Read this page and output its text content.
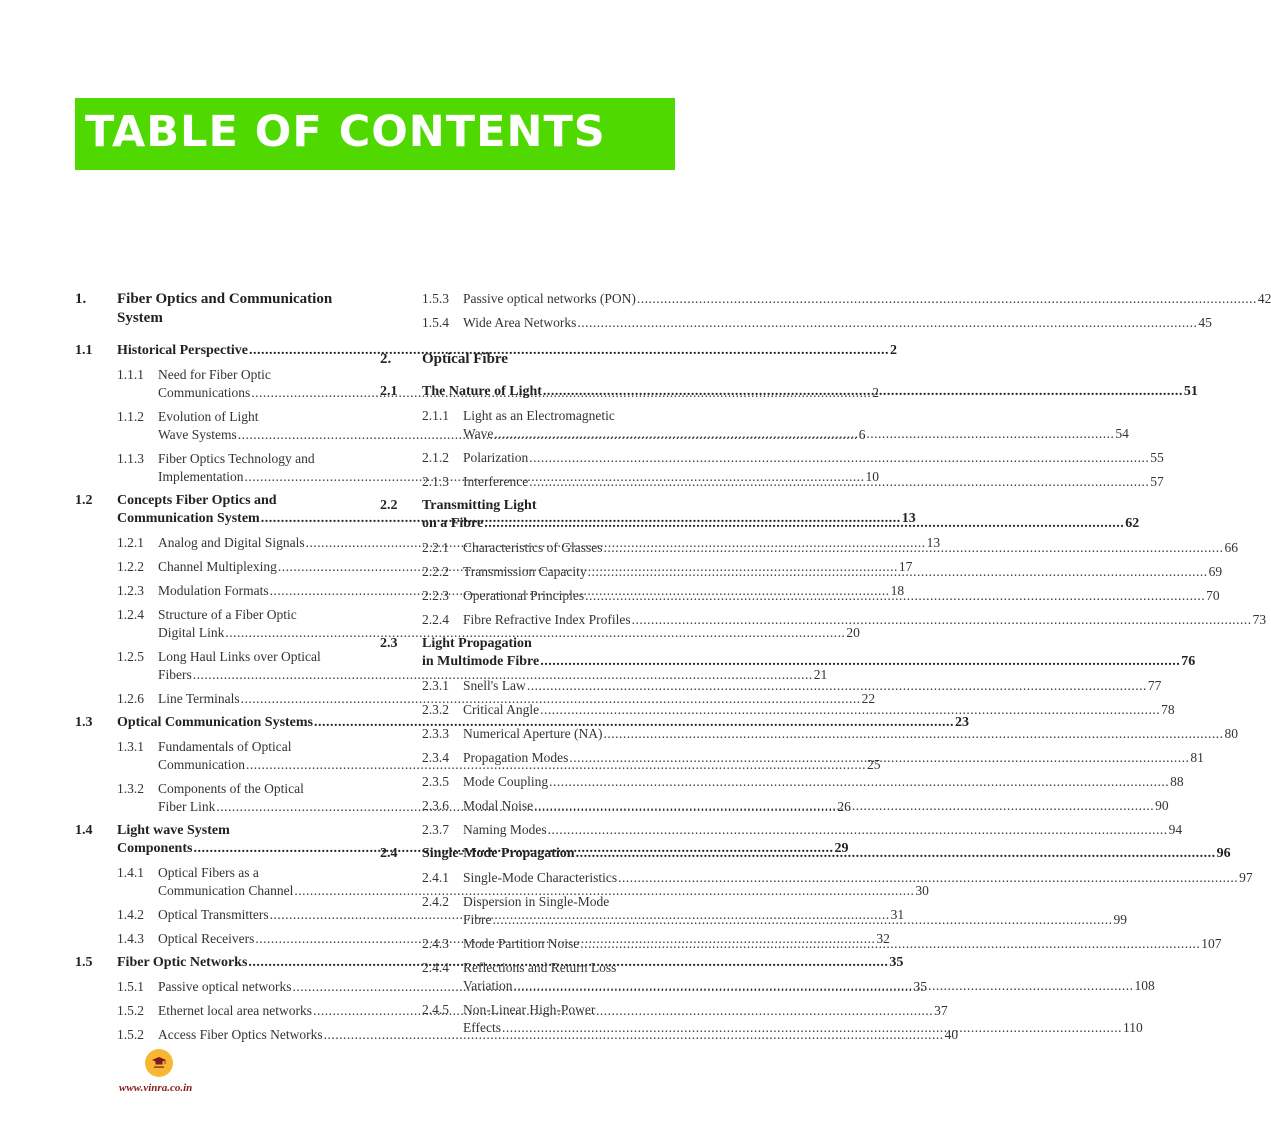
TABLE OF CONTENTS
1.	Fiber Optics and Communication System
1.1	Historical Perspective .....	2
1.1.1	Need for Fiber Optic
Communications .....	2
1.1.2	Evolution of Light
Wave Systems .....	6
1.1.3	Fiber Optics Technology and
Implementation .....	10
1.2	Concepts Fiber Optics and
Communication System .....	13
1.2.1	Analog and Digital Signals .....	13
1.2.2	Channel Multiplexing .....	17
1.2.3	Modulation Formats .....	18
1.2.4	Structure of a Fiber Optic
Digital Link .....	20
1.2.5	Long Haul Links over Optical
Fibers .....	21
1.2.6	Line Terminals .....	22
1.3	Optical Communication Systems .....	23
1.3.1	Fundamentals of Optical
Communication .....	25
1.3.2	Components of the Optical
Fiber Link .....	26
1.4	Light wave System
Components .....	29
1.4.1	Optical Fibers as a
Communication Channel .....	30
1.4.2	Optical Transmitters .....	31
1.4.3	Optical Receivers .....	32
1.5	Fiber Optic Networks .....	35
1.5.1	Passive optical networks .....	35
1.5.2	Ethernet local area networks .....	37
1.5.2	Access Fiber Optics Networks .....	40
1.5.3	Passive optical networks (PON) .....	42
1.5.4	Wide Area Networks .....	45
2.	Optical Fibre
2.1	The Nature of Light .....	51
2.1.1	Light as an Electromagnetic
Wave .....	54
2.1.2	Polarization .....	55
2.1.3	Interference .....	57
2.2	Transmitting Light
on a Fibre .....	62
2.2.1	Characteristics of Glasses .....	66
2.2.2	Transmission Capacity .....	69
2.2.3	Operational Principles .....	70
2.2.4	Fibre Refractive Index Profiles .....	73
2.3	Light Propagation
in Multimode Fibre .....	76
2.3.1	Snell's Law .....	77
2.3.2	Critical Angle .....	78
2.3.3	Numerical Aperture (NA) .....	80
2.3.4	Propagation Modes .....	81
2.3.5	Mode Coupling .....	88
2.3.6	Modal Noise .....	90
2.3.7	Naming Modes .....	94
2.4	Single-Mode Propagation .....	96
2.4.1	Single-Mode Characteristics .....	97
2.4.2	Dispersion in Single-Mode
Fibre .....	99
2.4.3	Mode Partition Noise .....	107
2.4.4	Reflections and Return Loss
Variation .....	108
2.4.5	Non-Linear High-Power
Effects .....	110
www.vinra.co.in
